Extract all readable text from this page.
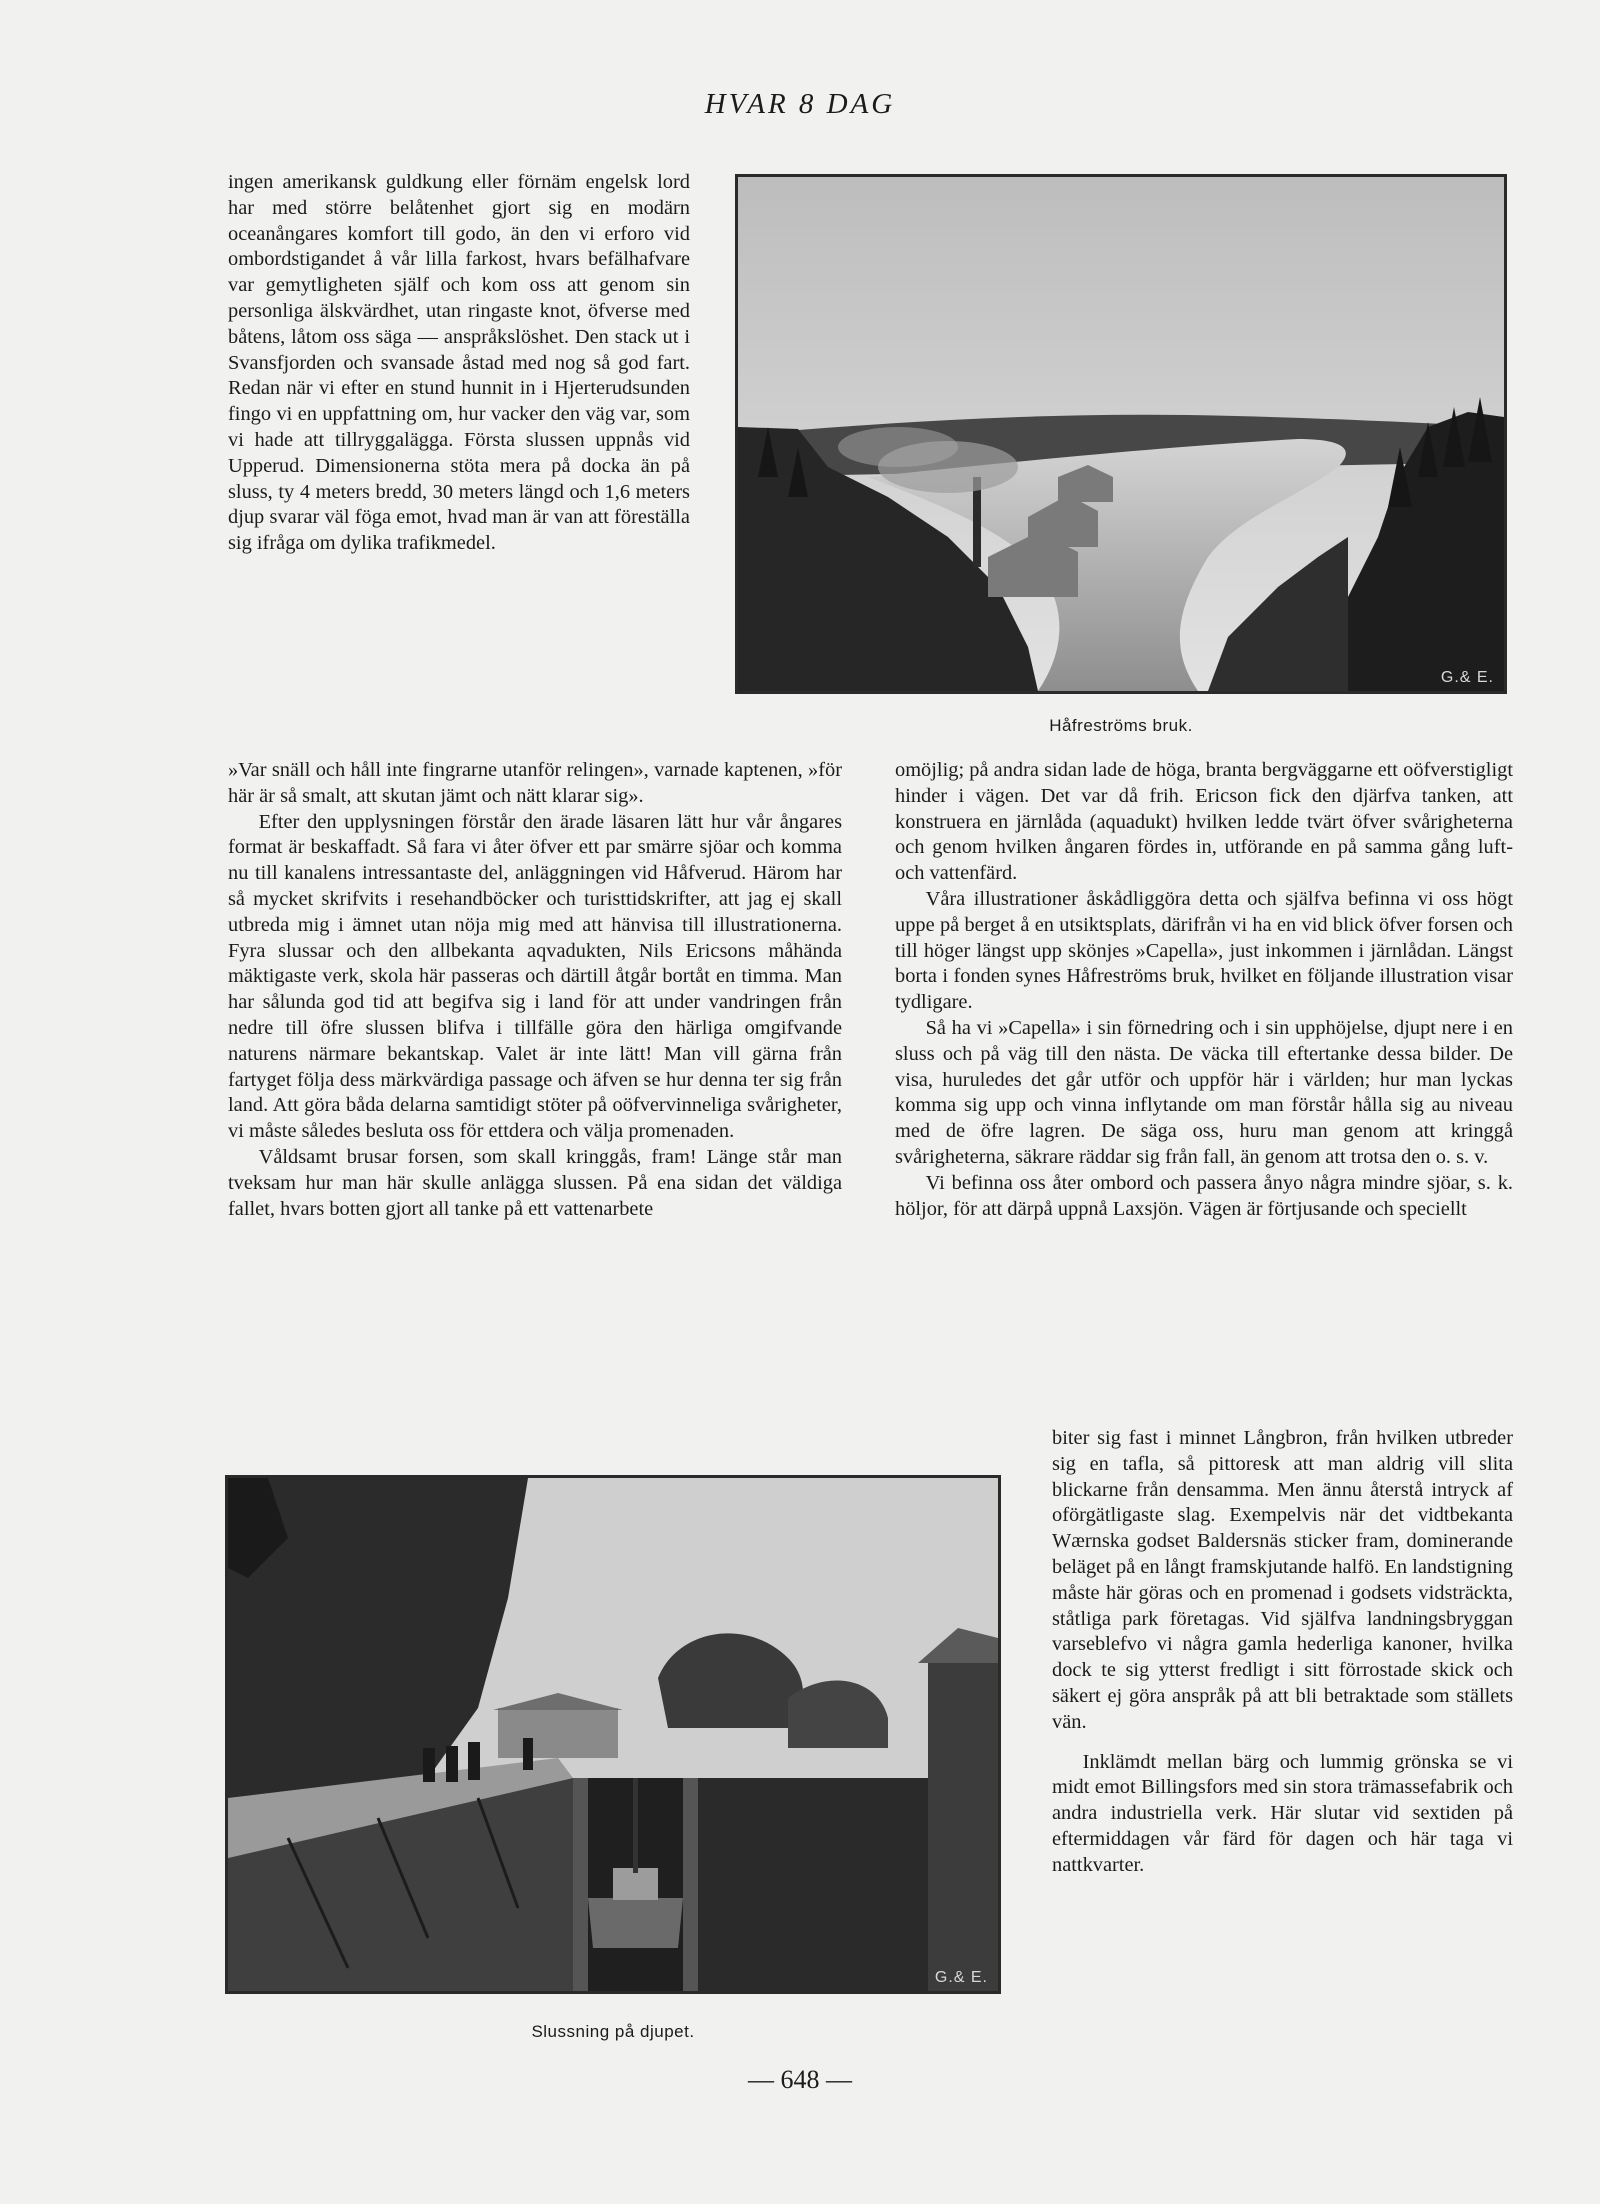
HVAR 8 DAG

ingen amerikansk guldkung eller förnäm engelsk lord har med större belåtenhet gjort sig en modärn oceanångares komfort till godo, än den vi erforo vid ombordstigandet å vår lilla farkost, hvars befälhafvare var gemytligheten själf och kom oss att genom sin personliga älskvärdhet, utan ringaste knot, öfverse med båtens, låtom oss säga — anspråkslöshet. Den stack ut i Svansfjorden och svansade åstad med nog så god fart. Redan när vi efter en stund hunnit in i Hjerterudsunden fingo vi en uppfattning om, hur vacker den väg var, som vi hade att tillryggalägga. Första slussen uppnås vid Upperud. Dimensionerna stöta mera på docka än på sluss, ty 4 meters bredd, 30 meters längd och 1,6 meters djup svarar väl föga emot, hvad man är van att föreställa sig ifråga om dylika trafikmedel.

»Var snäll och håll inte fingrarne utanför relingen», varnade kaptenen, »för här är så smalt, att skutan jämt och nätt klarar sig».

Efter den upplysningen förstår den ärade läsaren lätt hur vår ångares format är beskaffadt. Så fara vi åter öfver ett par smärre sjöar och komma nu till kanalens intressantaste del, anläggningen vid Håfverud. Härom har så mycket skrifvits i resehandböcker och turisttidskrifter, att jag ej skall utbreda mig i ämnet utan nöja mig med att hänvisa till illustrationerna. Fyra slussar och den allbekanta aqvadukten, Nils Ericsons måhända mäktigaste verk, skola här passeras och därtill åtgår bortåt en timma. Man har sålunda god tid att begifva sig i land för att under vandringen från nedre till öfre slussen blifva i tillfälle göra den härliga omgifvande naturens närmare bekantskap. Valet är inte lätt! Man vill gärna från fartyget följa dess märkvärdiga passage och äfven se hur denna ter sig från land. Att göra båda delarna samtidigt stöter på oöfvervinneliga svårigheter, vi måste således besluta oss för ettdera och välja promenaden.

Våldsamt brusar forsen, som skall kringgås, fram! Länge står man tveksam hur man här skulle anlägga slussen. På ena sidan det väldiga fallet, hvars botten gjort all tanke på ett vattenarbete

G.& E.
Håfreströms bruk.

omöjlig; på andra sidan lade de höga, branta bergväggarne ett oöfverstigligt hinder i vägen. Det var då frih. Ericson fick den djärfva tanken, att konstruera en järnlåda (aquadukt) hvilken ledde tvärt öfver svårigheterna och genom hvilken ångaren fördes in, utförande en på samma gång luft- och vattenfärd.

Våra illustrationer åskådliggöra detta och själfva befinna vi oss högt uppe på berget å en utsiktsplats, därifrån vi ha en vid blick öfver forsen och till höger längst upp skönjes »Capella», just inkommen i järnlådan. Längst borta i fonden synes Håfreströms bruk, hvilket en följande illustration visar tydligare.

Så ha vi »Capella» i sin förnedring och i sin upphöjelse, djupt nere i en sluss och på väg till den nästa. De väcka till eftertanke dessa bilder. De visa, huruledes det går utför och uppför här i världen; hur man lyckas komma sig upp och vinna inflytande om man förstår hålla sig au niveau med de öfre lagren. De säga oss, huru man genom att kringgå svårigheterna, säkrare räddar sig från fall, än genom att trotsa den o. s. v.

Vi befinna oss åter ombord och passera ånyo några mindre sjöar, s. k. höljor, för att därpå uppnå Laxsjön. Vägen är förtjusande och speciellt

biter sig fast i minnet Långbron, från hvilken utbreder sig en tafla, så pittoresk att man aldrig vill slita blickarne från densamma. Men ännu återstå intryck af oförgätligaste slag. Exempelvis när det vidtbekanta Wærnska godset Baldersnäs sticker fram, dominerande beläget på en långt framskjutande halfö. En landstigning måste här göras och en promenad i godsets vidsträckta, ståtliga park företagas. Vid själfva landningsbryggan varseblefvo vi några gamla hederliga kanoner, hvilka dock te sig ytterst fredligt i sitt förrostade skick och säkert ej göra anspråk på att bli betraktade som ställets vän.

Inklämdt mellan bärg och lummig grönska se vi midt emot Billingsfors med sin stora trämassefabrik och andra industriella verk. Här slutar vid sextiden på eftermiddagen vår färd för dagen och här taga vi nattkvarter.

G.& E.
Slussning på djupet.
— 648 —
